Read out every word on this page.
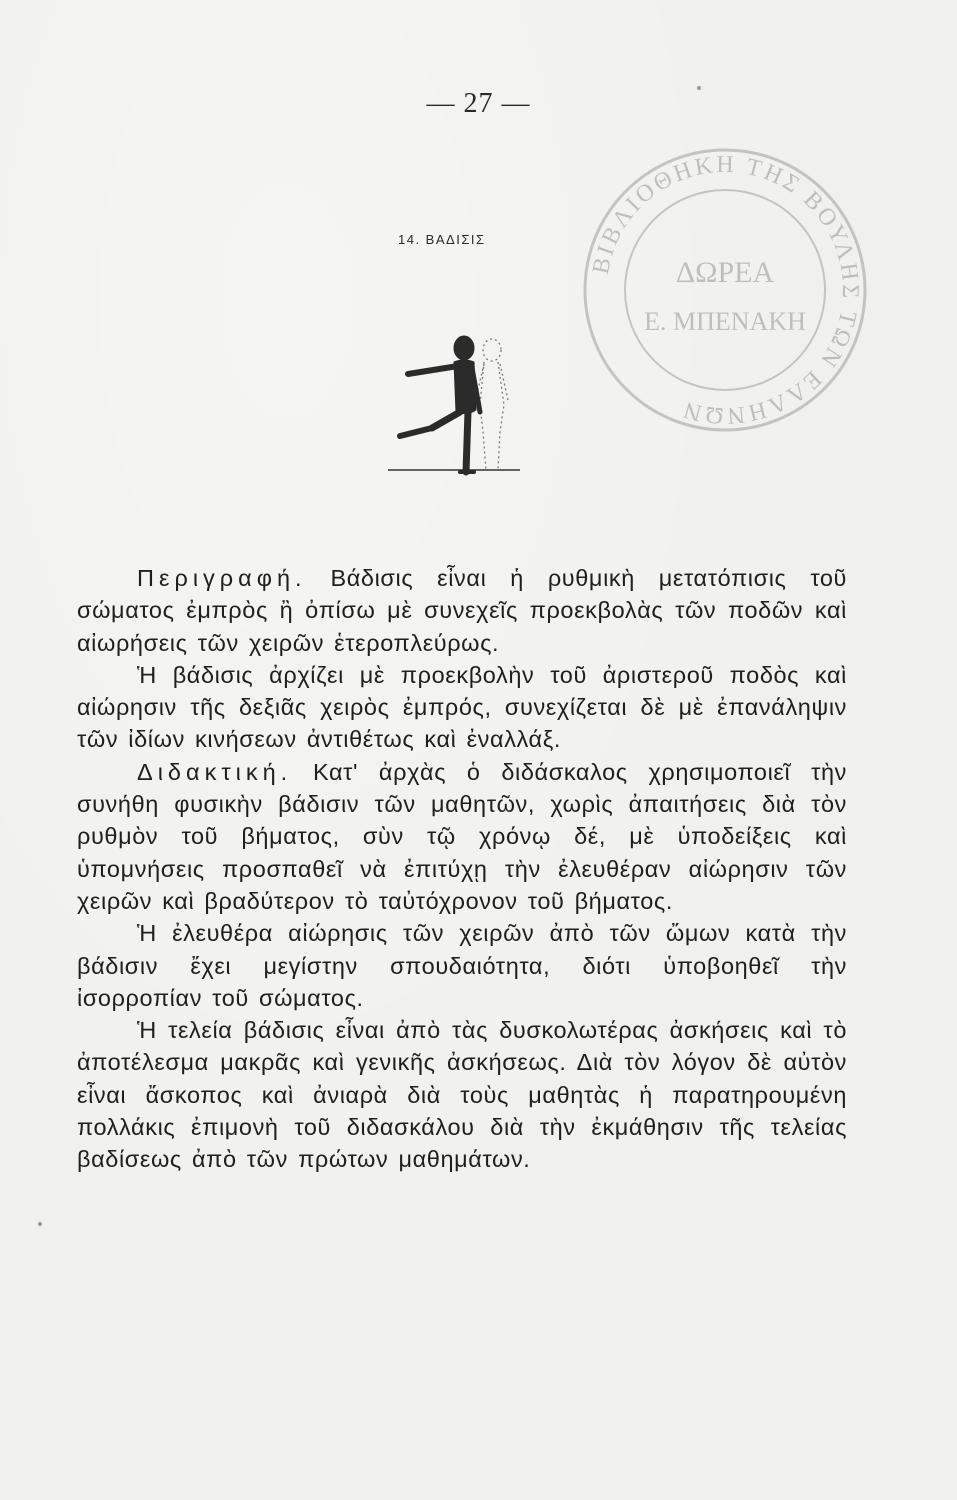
— 27 —
14. ΒΑΔΙΣΙΣ
ΒΙΒΛΙΟΘΗΚΗ ΤΗΣ ΒΟΥΛΗΣ ΤΩΝ ΕΛΛΗΝΩΝ
ΔΩΡΕΑ
Ε. ΜΠΕΝΑΚΗ

Περιγραφή. Βάδισις εἶναι ἡ ρυθμικὴ μετατόπισις τοῦ σώματος ἐμπρὸς ἢ ὀπίσω μὲ συνεχεῖς προεκβολὰς τῶν ποδῶν καὶ αἰωρήσεις τῶν χειρῶν ἑτεροπλεύρως.

Ἡ βάδισις ἀρχίζει μὲ προεκβολὴν τοῦ ἀριστεροῦ ποδὸς καὶ αἰώρησιν τῆς δεξιᾶς χειρὸς ἐμπρός, συνεχίζεται δὲ μὲ ἐπανάληψιν τῶν ἰδίων κινήσεων ἀντιθέτως καὶ ἐναλλάξ.

Διδακτική. Κατ' ἀρχὰς ὁ διδάσκαλος χρησιμοποιεῖ τὴν συνήθη φυσικὴν βάδισιν τῶν μαθητῶν, χωρὶς ἀπαιτήσεις διὰ τὸν ρυθμὸν τοῦ βήματος, σὺν τῷ χρόνῳ δέ, μὲ ὑποδείξεις καὶ ὑπομνήσεις προσπαθεῖ νὰ ἐπιτύχῃ τὴν ἐλευθέραν αἰώρησιν τῶν χειρῶν καὶ βραδύτερον τὸ ταὐτόχρονον τοῦ βήματος.

Ἡ ἐλευθέρα αἰώρησις τῶν χειρῶν ἀπὸ τῶν ὤμων κατὰ τὴν βάδισιν ἔχει μεγίστην σπουδαιότητα, διότι ὑποβοηθεῖ τὴν ἰσορροπίαν τοῦ σώματος.

Ἡ τελεία βάδισις εἶναι ἀπὸ τὰς δυσκολωτέρας ἀσκήσεις καὶ τὸ ἀποτέλεσμα μακρᾶς καὶ γενικῆς ἀσκήσεως. Διὰ τὸν λόγον δὲ αὐτὸν εἶναι ἄσκοπος καὶ ἀνιαρὰ διὰ τοὺς μαθητὰς ἡ παρατηρουμένη πολλάκις ἐπιμονὴ τοῦ διδασκάλου διὰ τὴν ἐκμάθησιν τῆς τελείας βαδίσεως ἀπὸ τῶν πρώτων μαθημάτων.
